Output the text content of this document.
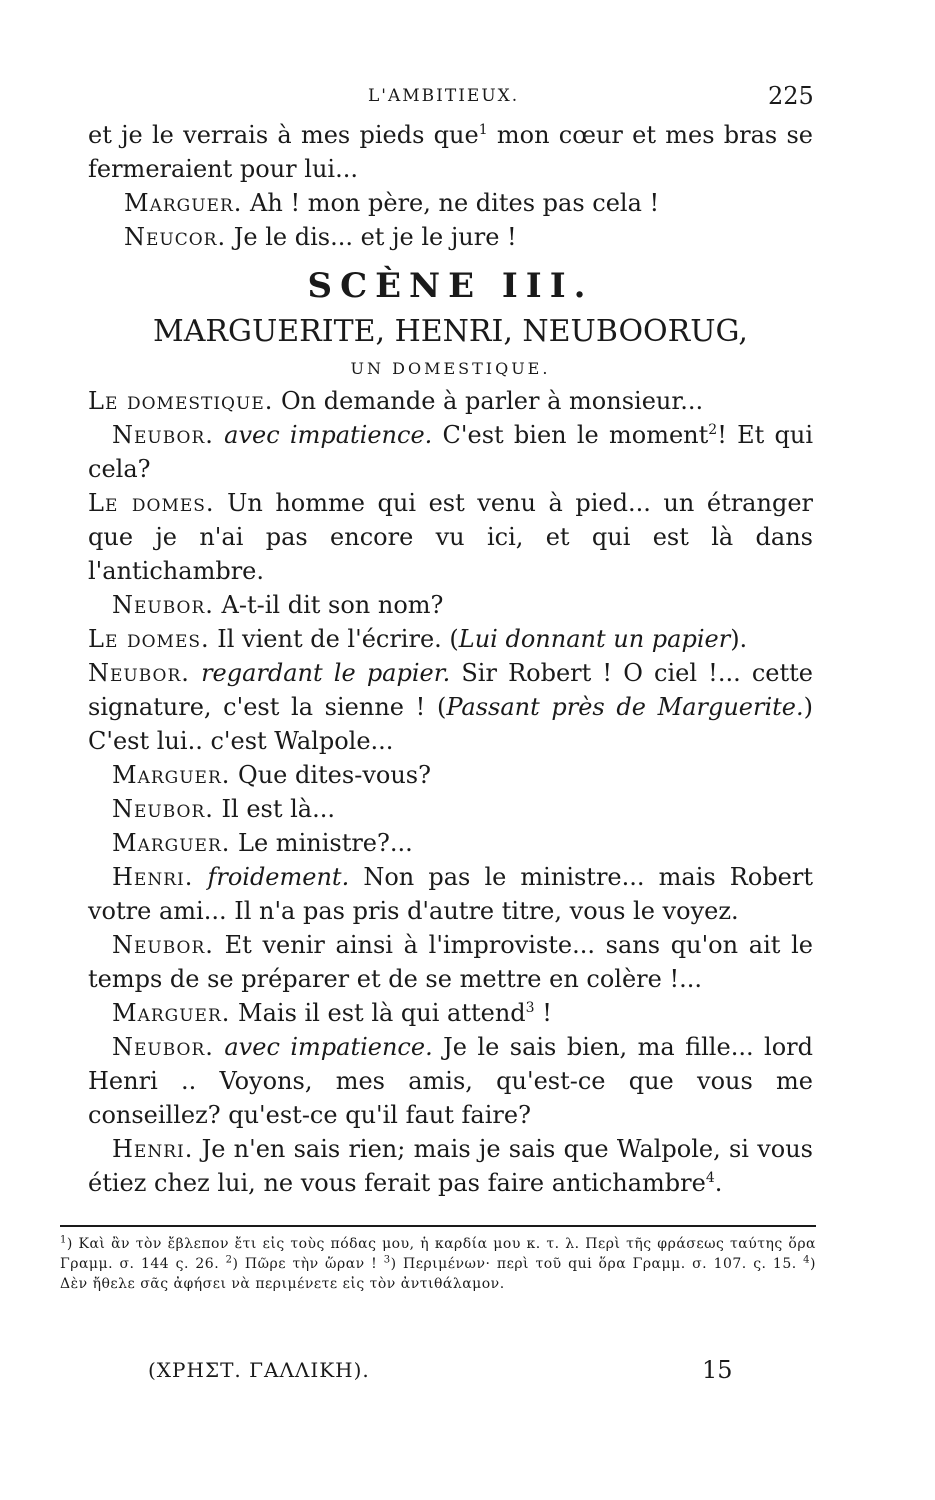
L'AMBITIEUX.	225

et je le verrais à mes pieds que$^1$ mon cœur et mes bras se fermeraient pour lui...

  Marguer. Ah ! mon père, ne dites pas cela !

  Neucor. Je le dis... et je le jure !

SCÈNE III.
MARGUERITE, HENRI, NEUBOORUG,
UN DOMESTIQUE.

Le domestique. On demande à parler à monsieur...

 Neubor. avec impatience. C'est bien le moment$^2$! Et qui cela?

Le domes. Un homme qui est venu à pied... un étranger que je n'ai pas encore vu ici, et qui est là dans l'antichambre.

 Neubor. A-t-il dit son nom?

Le domes. Il vient de l'écrire. (Lui donnant un papier).

Neubor. regardant le papier. Sir Robert ! O ciel !... cette signature, c'est la sienne ! (Passant près de Marguerite.) C'est lui.. c'est Walpole...

 Marguer. Que dites-vous?

 Neubor. Il est là...

 Marguer. Le ministre?...

 Henri. froidement. Non pas le ministre... mais Robert votre ami... Il n'a pas pris d'autre titre, vous le voyez.

 Neubor. Et venir ainsi à l'improviste... sans qu'on ait le temps de se préparer et de se mettre en colère !...

 Marguer. Mais il est là qui attend$^3$ !

 Neubor. avec impatience. Je le sais bien, ma fille... lord Henri .. Voyons, mes amis, qu'est-ce que vous me conseillez? qu'est-ce qu'il faut faire?

 Henri. Je n'en sais rien; mais je sais que Walpole, si vous étiez chez lui, ne vous ferait pas faire antichambre$^4$.

$^1$) Καὶ ἂν τὸν ἔβλεπον ἔτι εἰς τοὺς πόδας μου, ἡ καρδία μου κ. τ. λ. Περὶ τῆς φράσεως ταύτης ὅρα Γραμμ. σ. 144 ς. 26. $^2$) Πῶρε τὴν ὥραν ! $^3$) Περιμένων· περὶ τοῦ qui ὅρα Γραμμ. σ. 107. ς. 15. $^4$) Δὲν ἤθελε σᾶς ἀφήσει νὰ περιμένετε εἰς τὸν ἀντιθάλαμον.

(ΧΡΗΣΤ. ΓΑΛΛΙΚΗ).	15
